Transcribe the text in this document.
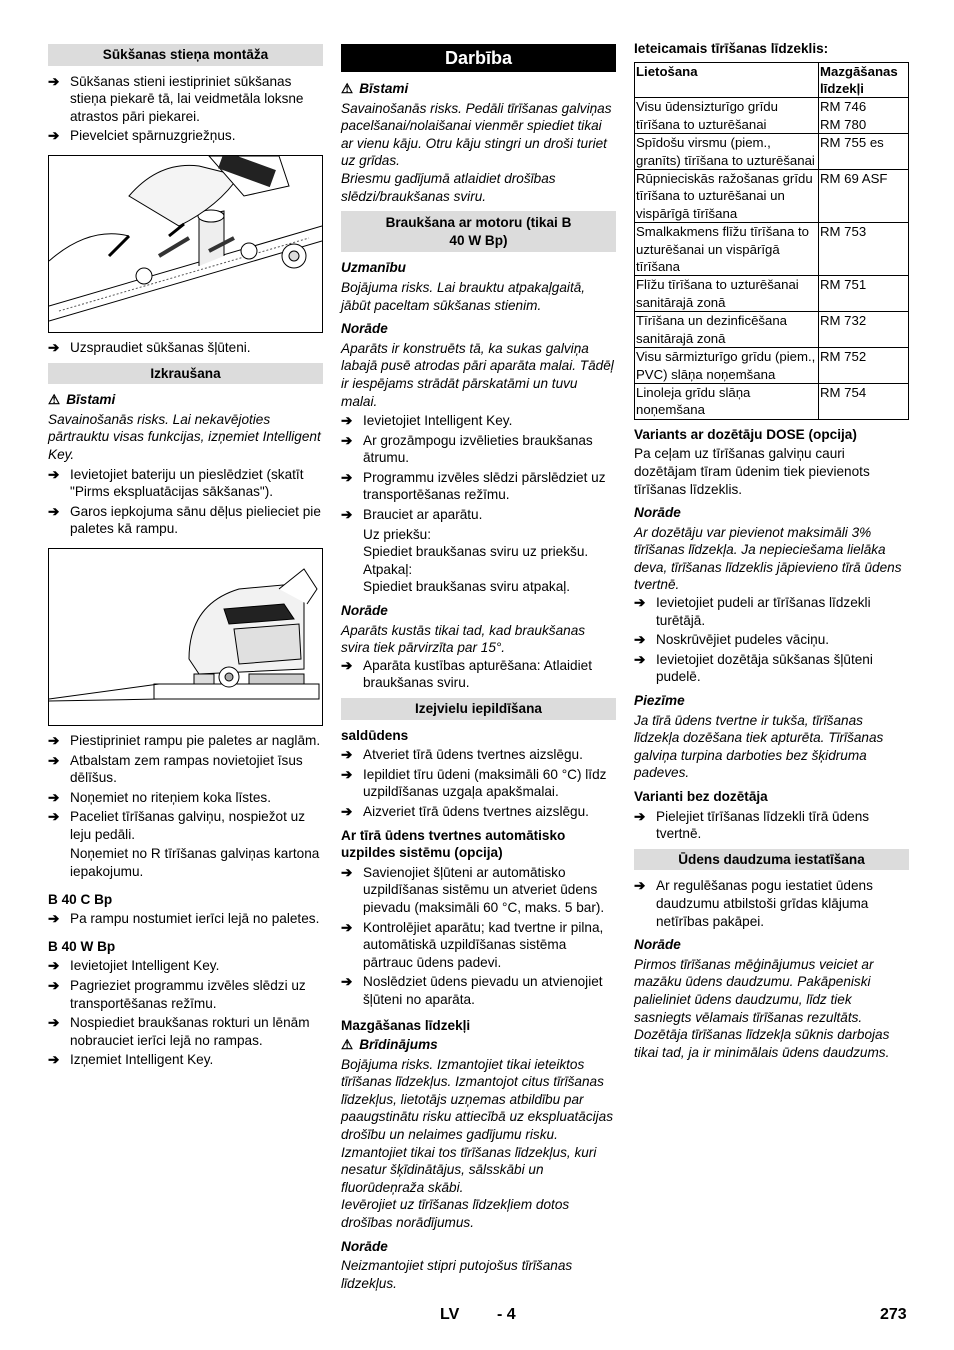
Sūkšanas stieņa montāža
➔ Sūkšanas stieni iestipriniet sūkšanas stieņa piekarē tā, lai veidmetāla loksne atrastos pāri piekarei.
➔ Pievelciet spārnuzgriežņus.
➔ Uzspraudiet sūkšanas šļūteni.
Izkraušana
⚠ Bīstami

Savainošanās risks. Lai nekavējoties pārtrauktu visas funkcijas, izņemiet Intelligent Key.

➔ Ievietojiet bateriju un pieslēdziet (skatīt "Pirms ekspluatācijas sākšanas").
➔ Garos iepkojuma sānu dēļus pielieciet pie paletes kā rampu.
➔ Piestipriniet rampu pie paletes ar naglām.
➔ Atbalstam zem rampas novietojiet īsus dēlīšus.
➔ Noņemiet no riteņiem koka līstes.
➔ Paceliet tīrīšanas galviņu, nospiežot uz leju pedāli.

Noņemiet no R tīrīšanas galviņas kartona iepakojumu.

B 40 C Bp
➔ Pa rampu nostumiet ierīci lejā no paletes.
B 40 W Bp
➔ Ievietojiet Intelligent Key.
➔ Pagrieziet programmu izvēles slēdzi uz transportēšanas režīmu.
➔ Nospiediet braukšanas rokturi un lēnām nobrauciet ierīci lejā no rampas.
➔ Izņemiet Intelligent Key.
Darbība
⚠ Bīstami

Savainošanās risks. Pedāli tīrīšanas galviņas pacelšanai/nolaišanai vienmēr spiediet tikai ar vienu kāju. Otru kāju stingri un droši turiet uz grīdas.

Briesmu gadījumā atlaidiet drošības slēdzi/braukšanas sviru.

Braukšana ar motoru (tikai B 40 W Bp)
Uzmanību

Bojājuma risks. Lai brauktu atpakaļgaitā, jābūt paceltam sūkšanas stienim.

Norāde

Aparāts ir konstruēts tā, ka sukas galviņa labajā pusē atrodas pāri aparāta malai. Tādēļ ir iespējams strādāt pārskatāmi un tuvu malai.

➔ Ievietojiet Intelligent Key.
➔ Ar grozāmpogu izvēlieties braukšanas ātrumu.
➔ Programmu izvēles slēdzi pārslēdziet uz transportēšanas režīmu.
➔ Brauciet ar aparātu.

Uz priekšu:

Spiediet braukšanas sviru uz priekšu.

Atpakaļ:

Spiediet braukšanas sviru atpakaļ.

Norāde

Aparāts kustās tikai tad, kad braukšanas svira tiek pārvirzīta par 15°.

➔ Aparāta kustības apturēšana: Atlaidiet braukšanas sviru.
Izejvielu iepildīšana
saldūdens
➔ Atveriet tīrā ūdens tvertnes aizslēgu.
➔ Iepildiet tīru ūdeni (maksimāli 60 °C) līdz uzpildīšanas uzgaļa apakšmalai.
➔ Aizveriet tīrā ūdens tvertnes aizslēgu.
Ar tīrā ūdens tvertnes automātisko uzpildes sistēmu (opcija)
➔ Savienojiet šļūteni ar automātisko uzpildīšanas sistēmu un atveriet ūdens pievadu (maksimāli 60 °C, maks. 5 bar).
➔ Kontrolējiet aparātu; kad tvertne ir pilna, automātiskā uzpildīšanas sistēma pārtrauc ūdens padevi.
➔ Noslēdziet ūdens pievadu un atvienojiet šļūteni no aparāta.
Mazgāšanas līdzekļi
⚠ Brīdinājums

Bojājuma risks. Izmantojiet tikai ieteiktos tīrīšanas līdzekļus. Izmantojot citus tīrīšanas līdzekļus, lietotājs uzņemas atbildību par paaugstinātu risku attiecībā uz ekspluatācijas drošību un nelaimes gadījumu risku.

Izmantojiet tikai tos tīrīšanas līdzekļus, kuri nesatur šķīdinātājus, sālsskābi un fluorūdeņraža skābi.

Ievērojiet uz tīrīšanas līdzekļiem dotos drošības norādījumus.

Norāde

Neizmantojiet stipri putojošus tīrīšanas līdzekļus.

Ieteicamais tīrīšanas līdzeklis:
Lietošana	Mazgāšanas līdzekļi
Visu ūdensizturīgo grīdu tīrīšana to uzturēšanai	RM 746
RM 780
Spīdošu virsmu (piem., granīts) tīrīšana to uzturēšanai	RM 755 es
Rūpnieciskās ražošanas grīdu tīrīšana to uzturēšanai un vispārīgā tīrīšana	RM 69 ASF
Smalkakmens flīžu tīrīšana to uzturēšanai un vispārīgā tīrīšana	RM 753
Flīžu tīrīšana to uzturēšanai sanitārajā zonā	RM 751
Tīrīšana un dezinficēšana sanitārajā zonā	RM 732
Visu sārmizturīgo grīdu (piem., PVC) slāņa noņemšana	RM 752
Linoleja grīdu slāņa noņemšana	RM 754
Variants ar dozētāju DOSE (opcija)

Pa ceļam uz tīrīšanas galviņu cauri dozētājam tīram ūdenim tiek pievienots tīrīšanas līdzeklis.

Norāde

Ar dozētāju var pievienot maksimāli 3% tīrīšanas līdzekļa. Ja nepieciešama lielāka deva, tīrīšanas līdzeklis jāpievieno tīrā ūdens tvertnē.

➔ Ievietojiet pudeli ar tīrīšanas līdzekli turētājā.
➔ Noskrūvējiet pudeles vāciņu.
➔ Ievietojiet dozētāja sūkšanas šļūteni pudelē.
Piezīme

Ja tīrā ūdens tvertne ir tukša, tīrīšanas līdzekļa dozēšana tiek apturēta. Tīrīšanas galviņa turpina darboties bez šķidruma padeves.

Varianti bez dozētāja
➔ Pielejiet tīrīšanas līdzekli tīrā ūdens tvertnē.
Ūdens daudzuma iestatīšana
➔ Ar regulēšanas pogu iestatiet ūdens daudzumu atbilstoši grīdas klājuma netīrības pakāpei.
Norāde

Pirmos tīrīšanas mēģinājumus veiciet ar mazāku ūdens daudzumu. Pakāpeniski palieliniet ūdens daudzumu, līdz tiek sasniegts vēlamais tīrīšanas rezultāts.

Dozētāja tīrīšanas līdzekļa sūknis darbojas tikai tad, ja ir minimālais ūdens daudzums.

LV - 4	273
